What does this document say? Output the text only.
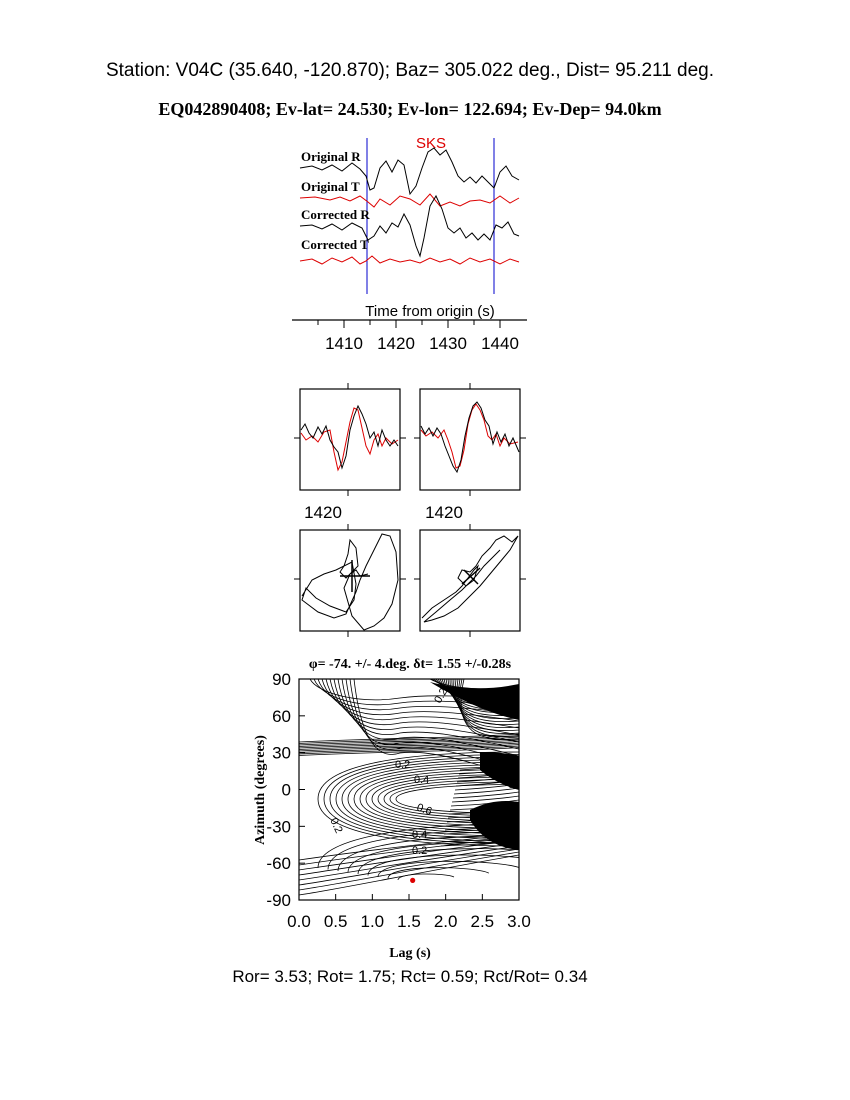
Station: V04C (35.640, -120.870); Baz= 305.022 deg., Dist= 95.211 deg.
EQ042890408; Ev-lat= 24.530; Ev-lon= 122.694; Ev-Dep= 94.0km
SKS
Original R
Original T
Corrected R
Corrected T
Time from origin (s)
1410 1420 1430 1440
1420	1420
φ= -74. +/- 4.deg. δt= 1.55 +/-0.28s
0.2
0.2	0.2
0.4
0.6
0.2	0.4
0.2
0.
90
60
30
0
-30
-60
-90
0.0 0.5 1.0 1.5 2.0 2.5 3.0
Azimuth (degrees)
Lag (s)
Ror= 3.53; Rot= 1.75; Rct= 0.59; Rct/Rot= 0.34
